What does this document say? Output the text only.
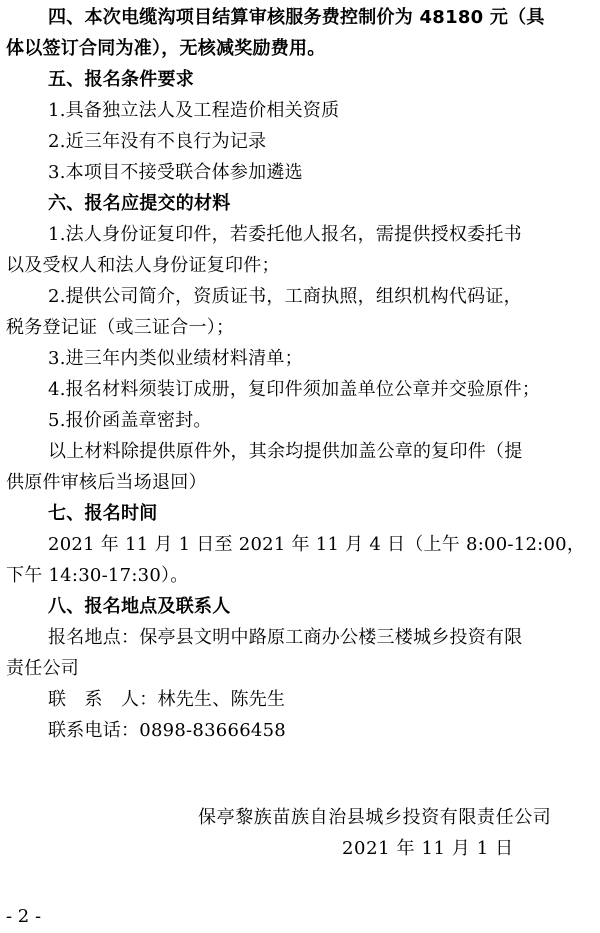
四、本次电缆沟项目结算审核服务费控制价为 48180 元（具
体以签订合同为准），无核减奖励费用。
五、报名条件要求
1.具备独立法人及工程造价相关资质
2.近三年没有不良行为记录
3.本项目不接受联合体参加遴选
六、报名应提交的材料
1.法人身份证复印件，若委托他人报名，需提供授权委托书
以及受权人和法人身份证复印件；
2.提供公司简介，资质证书，工商执照，组织机构代码证，
税务登记证（或三证合一）；
3.进三年内类似业绩材料清单；
4.报名材料须装订成册，复印件须加盖单位公章并交验原件；
5.报价函盖章密封。
以上材料除提供原件外，其余均提供加盖公章的复印件（提
供原件审核后当场退回）
七、报名时间
2021 年 11 月 1 日至 2021 年 11 月 4 日（上午 8:00-12:00，
下午 14:30-17:30）。
八、报名地点及联系人
报名地点：保亭县文明中路原工商办公楼三楼城乡投资有限
责任公司
联　系　人：林先生、陈先生
联系电话：0898-83666458
保亭黎族苗族自治县城乡投资有限责任公司
2021 年 11 月 1 日
- 2 -
